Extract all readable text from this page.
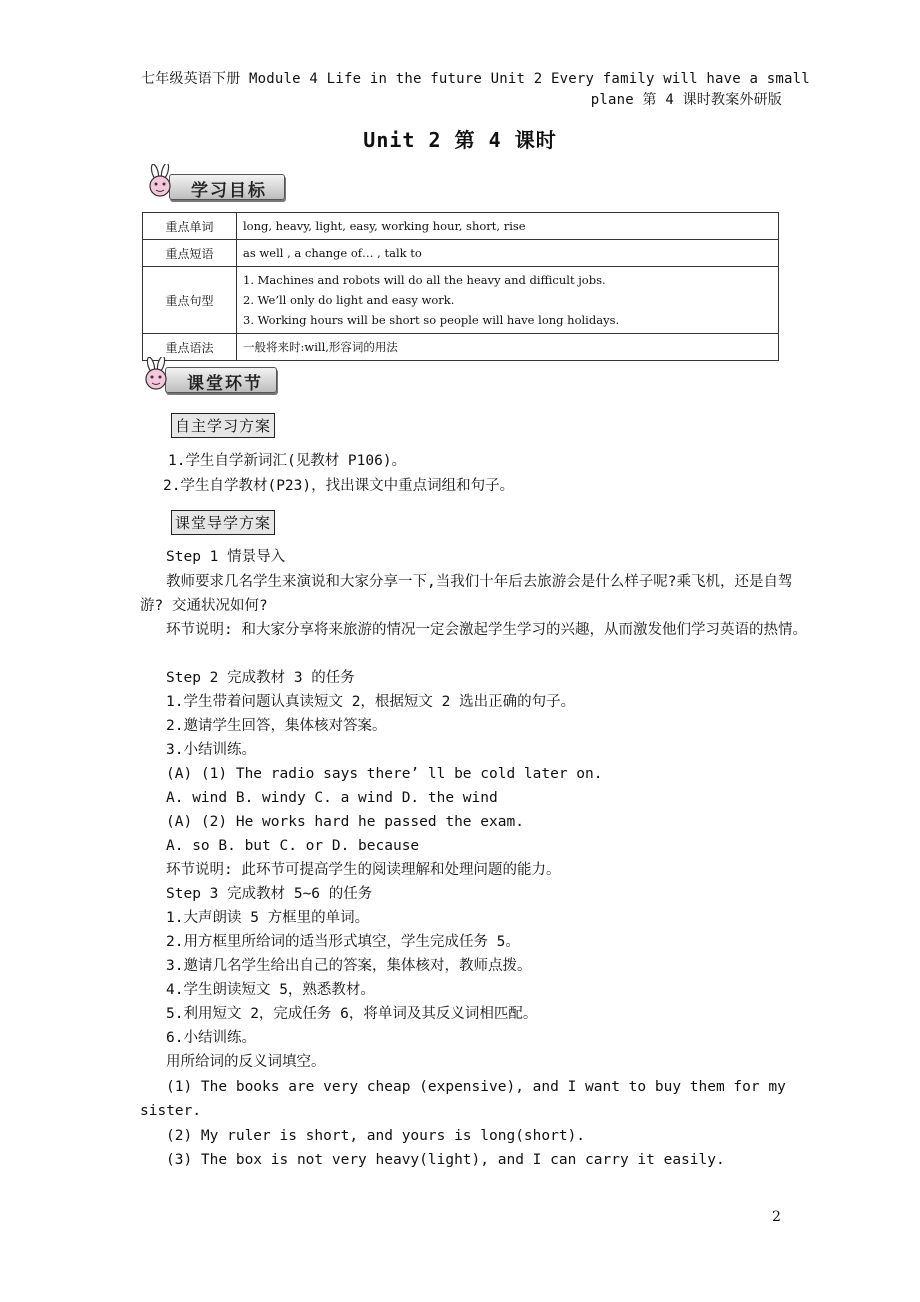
七年级英语下册 Module 4 Life in the future Unit 2 Every family will have a small
plane 第 4 课时教案外研版
Unit 2 第 4 课时
学习目标
重点单词	long, heavy, light, easy, working hour, short, rise

重点短语	as well , a change of… , talk to

重点句型	1. Machines and robots will do all the heavy and difficult jobs.
2. We’ll only do light and easy work.
3. Working hours will be short so people will have long holidays.

重点语法	一般将来时:will,形容词的用法
课堂环节
自主学习方案
1.学生自学新词汇(见教材 P106)。
2.学生自学教材(P23)，找出课文中重点词组和句子。
课堂导学方案
Step 1 情景导入
教师要求几名学生来演说和大家分享一下,当我们十年后去旅游会是什么样子呢?乘飞机，还是自驾游? 交通状况如何?
环节说明: 和大家分享将来旅游的情况一定会激起学生学习的兴趣，从而激发他们学习英语的热情。
Step 2 完成教材 3 的任务
1.学生带着问题认真读短文 2，根据短文 2 选出正确的句子。
2.邀请学生回答，集体核对答案。
3.小结训练。
(A) (1) The radio says there’ ll be cold later on.
A. wind B. windy C. a wind D. the wind
(A) (2) He works hard he passed the exam.
A. so B. but C. or D. because
环节说明: 此环节可提高学生的阅读理解和处理问题的能力。
Step 3 完成教材 5~6 的任务
1.大声朗读 5 方框里的单词。
2.用方框里所给词的适当形式填空，学生完成任务 5。
3.邀请几名学生给出自己的答案，集体核对，教师点拨。
4.学生朗读短文 5，熟悉教材。
5.利用短文 2，完成任务 6，将单词及其反义词相匹配。
6.小结训练。
用所给词的反义词填空。
(1) The books are very cheap (expensive), and I want to buy them for my sister.
(2) My ruler is short, and yours is long(short).
(3) The box is not very heavy(light), and I can carry it easily.
2
